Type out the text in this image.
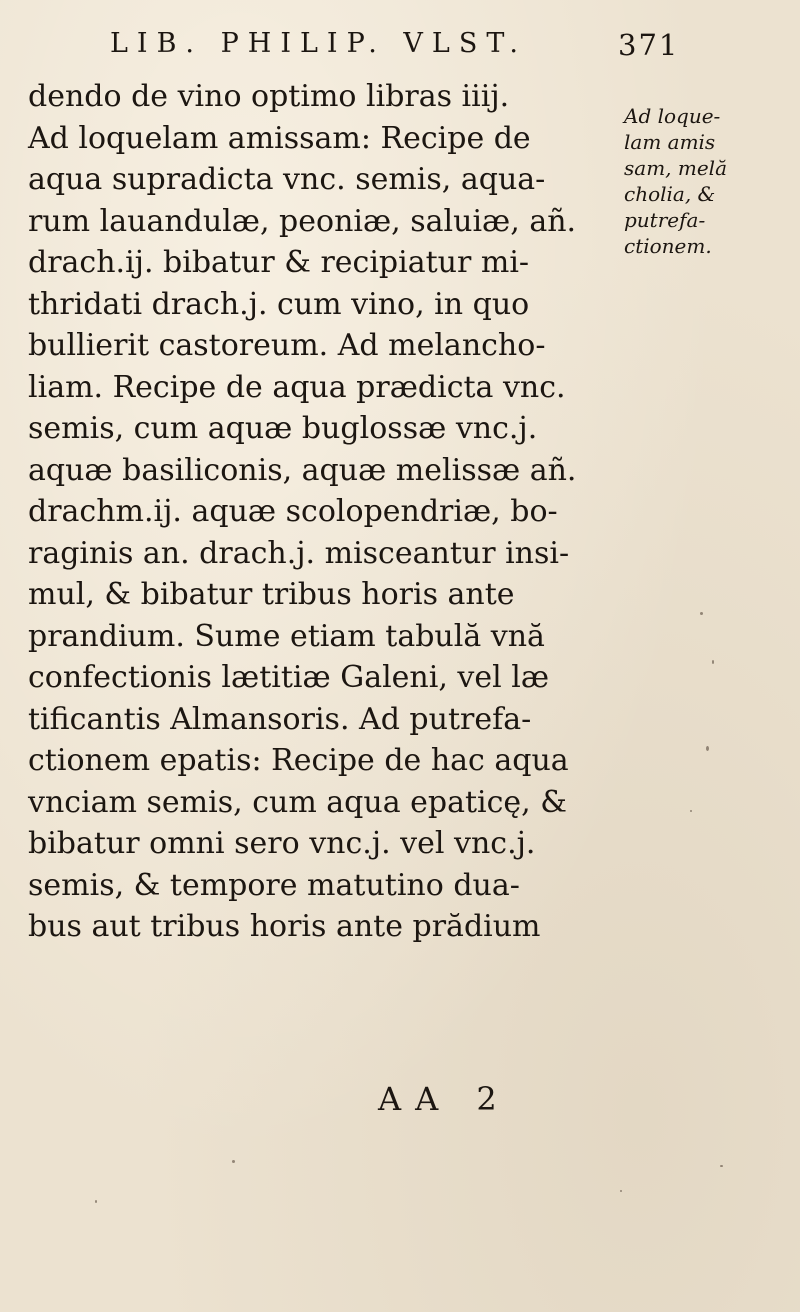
LIB. PHILIP. VLST.	371
dendo de vino optimo libras iiij.
Ad loquelam amissam: Recipe de
aqua supradicta vnc. semis, aqua-
rum lauandulæ, peoniæ, saluiæ, añ.
drach.ij. bibatur & recipiatur mi-
thridati drach.j. cum vino, in quo
bullierit castoreum. Ad melancho-
liam. Recipe de aqua prædicta vnc.
semis, cum aquæ buglossæ vnc.j.
aquæ basiliconis, aquæ melissæ añ.
drachm.ij. aquæ scolopendriæ, bo-
raginis an. drach.j. misceantur insi-
mul, & bibatur tribus horis ante
prandium. Sume etiam tabulă vnă
confectionis lætitiæ Galeni, vel læ
tificantis Almansoris. Ad putrefa-
ctionem epatis: Recipe de hac aqua
vnciam semis, cum aqua epaticę, &
bibatur omni sero vnc.j. vel vnc.j.
semis, & tempore matutino dua-
bus aut tribus horis ante prădium
Ad loque-
lam amis
sam, melă
cholia, &
putrefa-
ctionem.
AA 2
